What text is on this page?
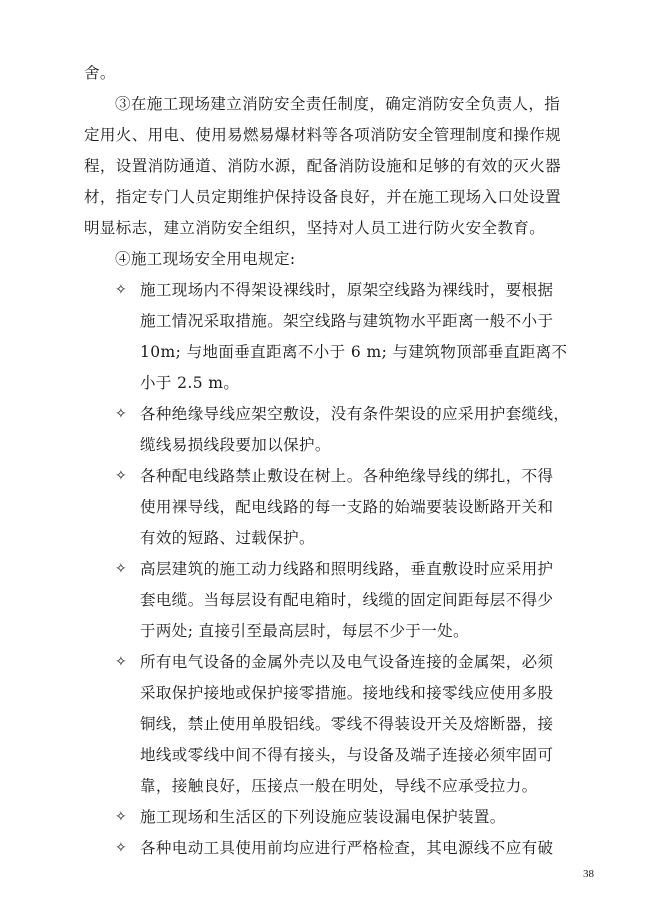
舍。
③在施工现场建立消防安全责任制度，确定消防安全负责人，指
定用火、用电、使用易燃易爆材料等各项消防安全管理制度和操作规
程，设置消防通道、消防水源，配备消防设施和足够的有效的灭火器
材，指定专门人员定期维护保持设备良好，并在施工现场入口处设置
明显标志，建立消防安全组织，坚持对人员工进行防火安全教育。
④施工现场安全用电规定:
✧ 施工现场内不得架设裸线时，原架空线路为裸线时，要根据
施工情况采取措施。架空线路与建筑物水平距离一般不小于
10m; 与地面垂直距离不小于 6 m; 与建筑物顶部垂直距离不
小于 2.5 m。
✧ 各种绝缘导线应架空敷设，没有条件架设的应采用护套缆线，
缆线易损线段要加以保护。
✧ 各种配电线路禁止敷设在树上。各种绝缘导线的绑扎，不得
使用裸导线，配电线路的每一支路的始端要装设断路开关和
有效的短路、过载保护。
✧ 高层建筑的施工动力线路和照明线路，垂直敷设时应采用护
套电缆。当每层设有配电箱时，线缆的固定间距每层不得少
于两处; 直接引至最高层时，每层不少于一处。
✧ 所有电气设备的金属外壳以及电气设备连接的金属架，必须
采取保护接地或保护接零措施。接地线和接零线应使用多股
铜线，禁止使用单股铝线。零线不得装设开关及熔断器，接
地线或零线中间不得有接头，与设备及端子连接必须牢固可
靠，接触良好，压接点一般在明处，导线不应承受拉力。
✧ 施工现场和生活区的下列设施应装设漏电保护装置。
✧ 各种电动工具使用前均应进行严格检查，其电源线不应有破
38
